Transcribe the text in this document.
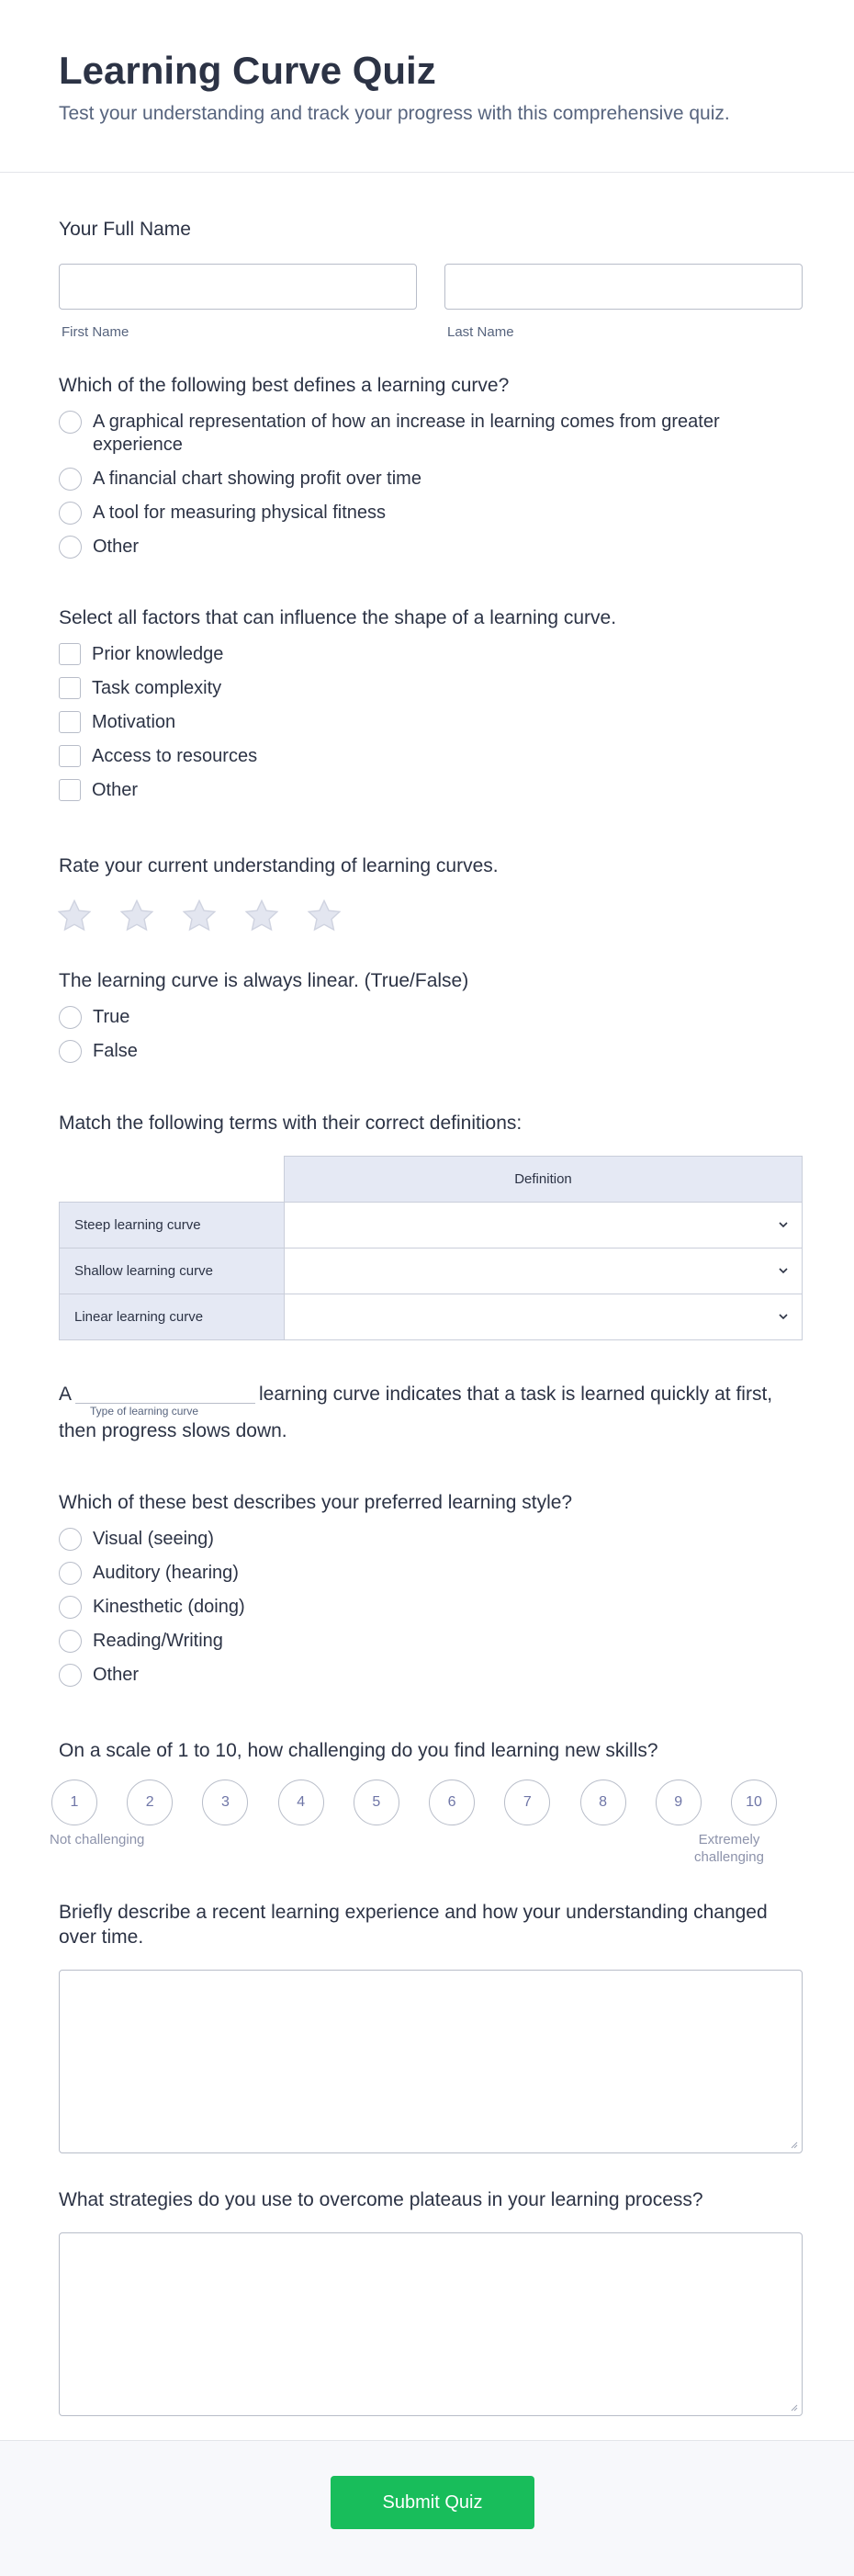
Learning Curve Quiz

Test your understanding and track your progress with this comprehensive quiz.

Your Full Name
First Name	Last Name
Which of the following best defines a learning curve?
A graphical representation of how an increase in learning comes from greater experience
A financial chart showing profit over time
A tool for measuring physical fitness
Other
Select all factors that can influence the shape of a learning curve.
Prior knowledge
Task complexity
Motivation
Access to resources
Other
Rate your current understanding of learning curves.
The learning curve is always linear. (True/False)
True
False
Match the following terms with their correct definitions:
	Definition
Steep learning curve	

Shallow learning curve	

Linear learning curve	
A
Type of learning curve
learning curve indicates that a task is learned quickly at first, then progress slows down.
Which of these best describes your preferred learning style?
Visual (seeing)
Auditory (hearing)
Kinesthetic (doing)
Reading/Writing
Other
On a scale of 1 to 10, how challenging do you find learning new skills?
1	2	3	4	5	6	7	8	9	10
Not challenging	Extremely challenging
Briefly describe a recent learning experience and how your understanding changed over time.
What strategies do you use to overcome plateaus in your learning process?
Submit Quiz
